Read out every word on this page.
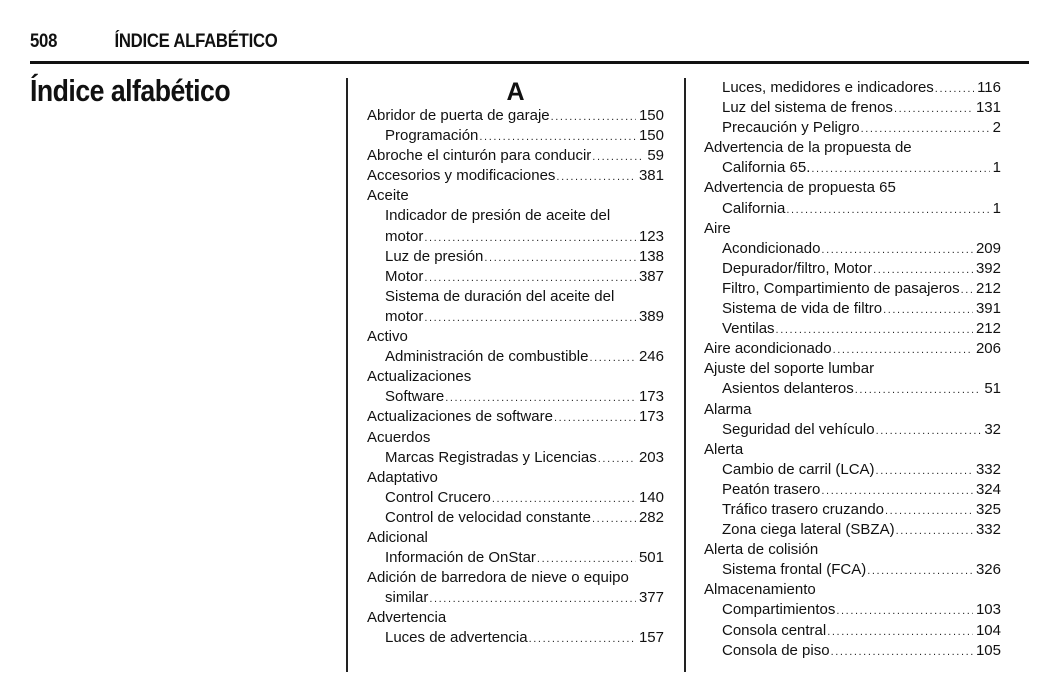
508	ÍNDICE ALFABÉTICO
Índice alfabético	A
Abridor de puerta de garaje .....	150
Programación .....	150
Abroche el cinturón para conducir .....	59
Accesorios y modificaciones .....	381
Aceite
Indicador de presión de aceite del
motor .....	123
Luz de presión .....	138
Motor .....	387
Sistema de duración del aceite del
motor .....	389
Activo
Administración de combustible .....	246
Actualizaciones
Software .....	173
Actualizaciones de software .....	173
Acuerdos
Marcas Registradas y Licencias .....	203
Adaptativo
Control Crucero .....	140
Control de velocidad constante .....	282
Adicional
Información de OnStar .....	501
Adición de barredora de nieve o equipo
similar .....	377
Advertencia
Luces de advertencia .....	157
Luces, medidores e indicadores .....	116
Luz del sistema de frenos .....	131
Precaución y Peligro .....	2
Advertencia de la propuesta de
California 65. .....	1
Advertencia de propuesta 65
California .....	1
Aire
Acondicionado .....	209
Depurador/filtro, Motor .....	392
Filtro, Compartimiento de pasajeros ..... 212
Sistema de vida de filtro .....	391
Ventilas .....	212
Aire acondicionado .....	206
Ajuste del soporte lumbar
Asientos delanteros .....	51
Alarma
Seguridad del vehículo .....	32
Alerta
Cambio de carril (LCA) .....	332
Peatón trasero .....	324
Tráfico trasero cruzando .....	325
Zona ciega lateral (SBZA) .....	332
Alerta de colisión
Sistema frontal (FCA) .....	326
Almacenamiento
Compartimientos .....	103
Consola central .....	104
Consola de piso .....	105
